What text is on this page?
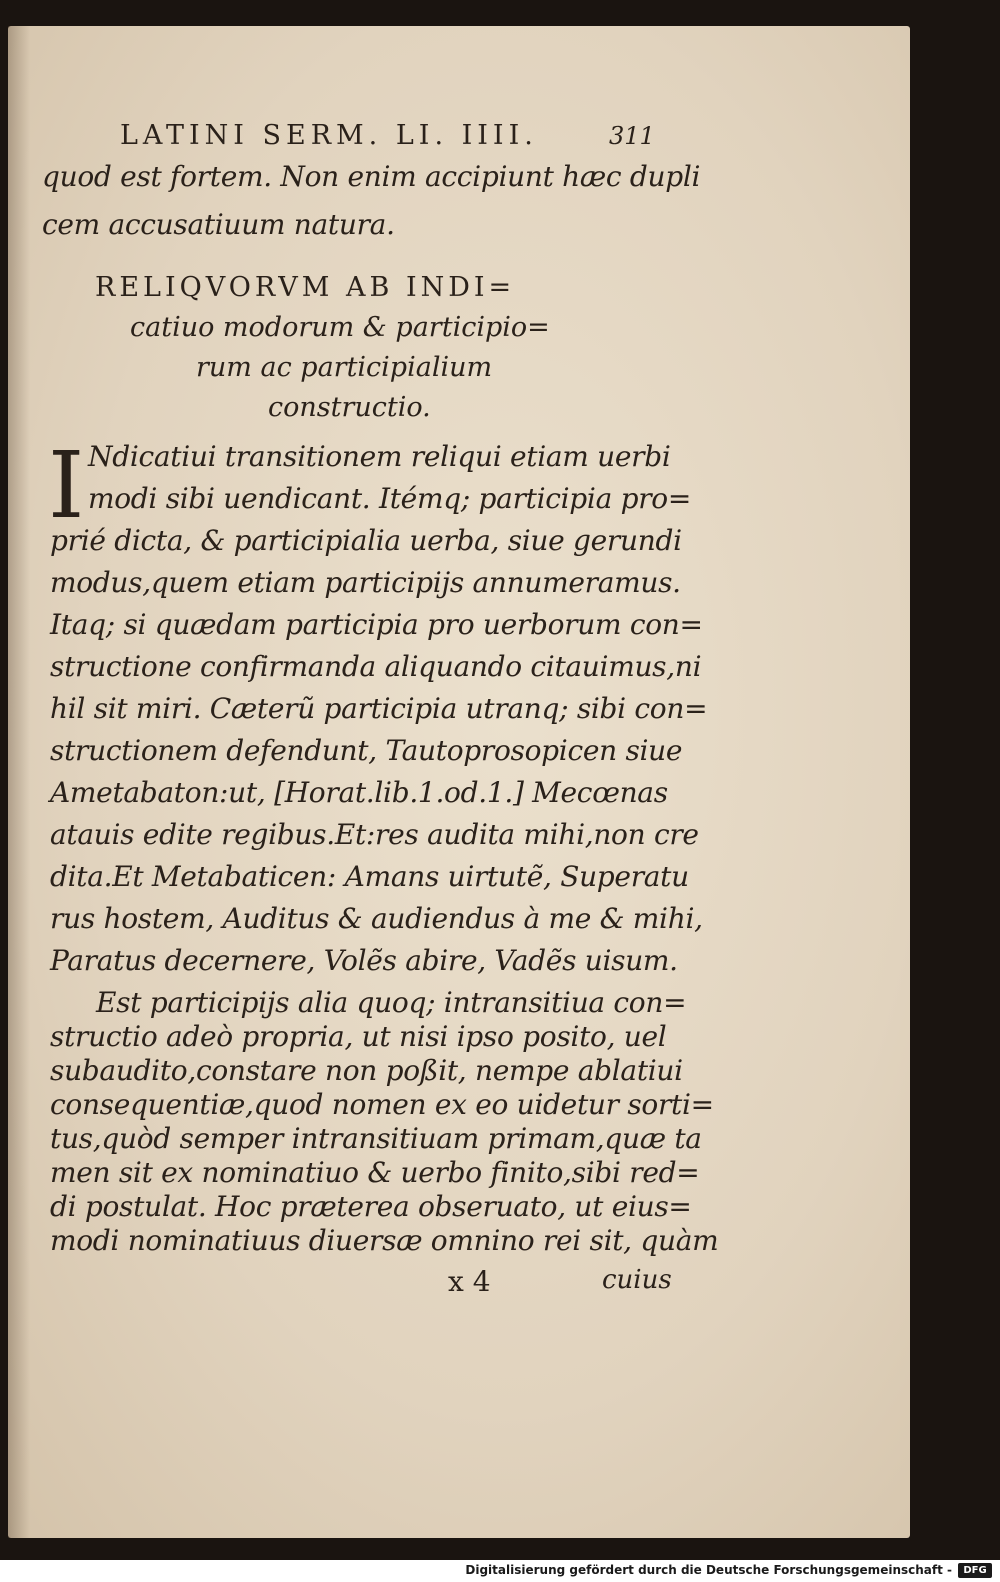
LATINI SERM. LI. IIII.	311
quod est fortem. Non enim accipiunt hæc dupli
cem accusatiuum natura.
RELIQVORVM AB INDI=
catiuo modorum & participio=
rum ac participialium
constructio.
I Ndicatiui transitionem reliqui etiam uerbi
modi sibi uendicant. Itémq; participia pro=
prié dicta, & participialia uerba, siue gerundi
modus,quem etiam participijs annumeramus.
Itaq; si quædam participia pro uerborum con=
structione confirmanda aliquando citauimus,ni
hil sit miri. Cæterũ participia utranq; sibi con=
structionem defendunt, Tautoprosopicen siue
Ametabaton:ut, [Horat.lib.1.od.1.] Mecœnas
atauis edite regibus.Et:res audita mihi,non cre
dita.Et Metabaticen: Amans uirtutẽ, Superatu
rus hostem, Auditus & audiendus à me & mihi,
Paratus decernere, Volẽs abire, Vadẽs uisum.
Est participijs alia quoq; intransitiua con=
structio adeò propria, ut nisi ipso posito, uel
subaudito,constare non poßit, nempe ablatiui
consequentiæ,quod nomen ex eo uidetur sorti=
tus,quòd semper intransitiuam primam,quæ ta
men sit ex nominatiuo & uerbo finito,sibi red=
di postulat. Hoc præterea obseruato, ut eius=
x 4	cuius
Digitalisierung gefördert durch die Deutsche Forschungsgemeinschaft -	DFG
modi nominatiuus diuersæ omnino rei sit, quàm
